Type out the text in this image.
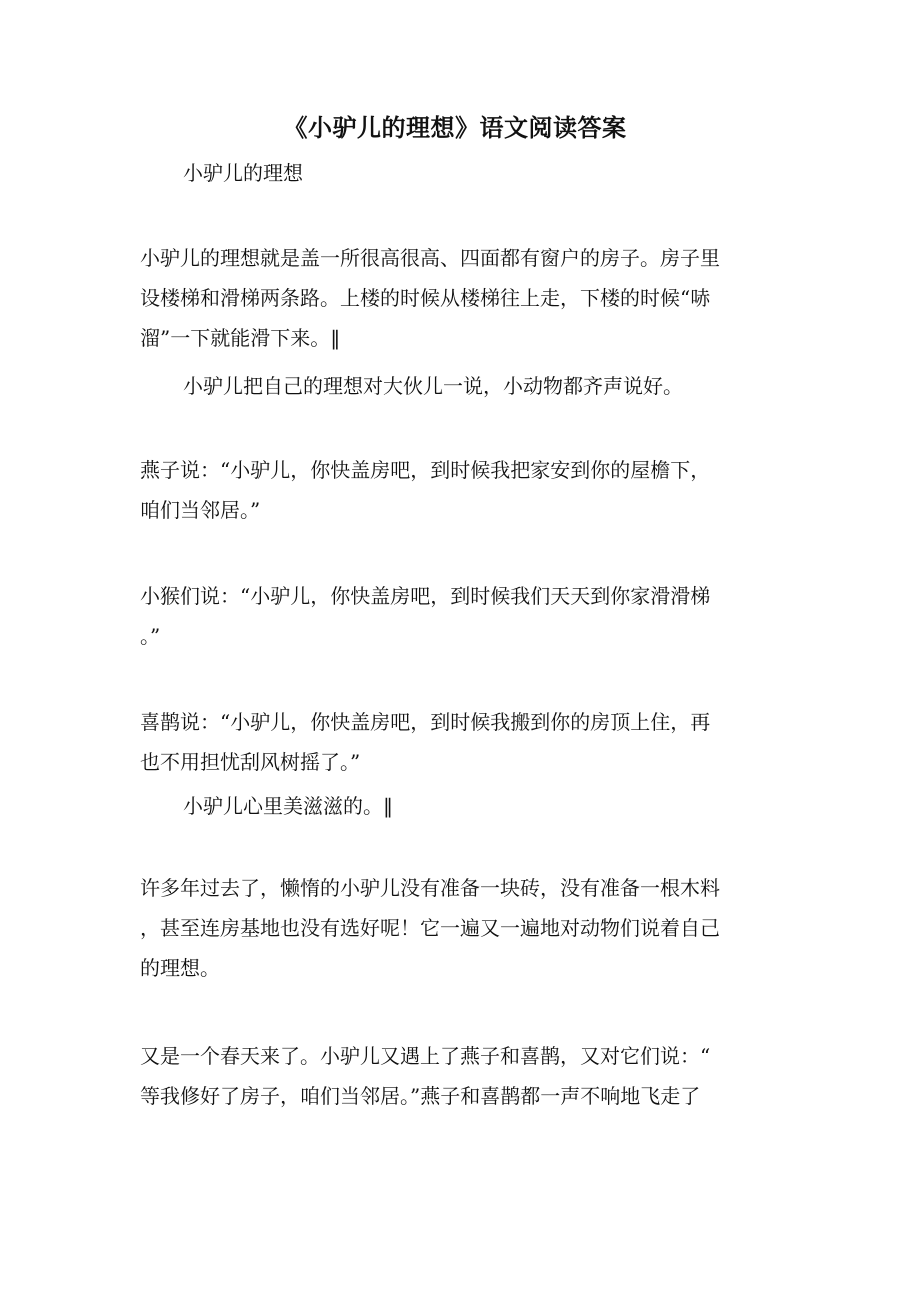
《小驴儿的理想》语文阅读答案
小驴儿的理想
小驴儿的理想就是盖一所很高很高、四面都有窗户的房子。房子里
设楼梯和滑梯两条路。上楼的时候从楼梯往上走，下楼的时候“哧
溜”一下就能滑下来。‖
小驴儿把自己的理想对大伙儿一说，小动物都齐声说好。
燕子说：“小驴儿，你快盖房吧，到时候我把家安到你的屋檐下，
咱们当邻居。”
小猴们说：“小驴儿，你快盖房吧，到时候我们天天到你家滑滑梯
。”
喜鹊说：“小驴儿，你快盖房吧，到时候我搬到你的房顶上住，再
也不用担忧刮风树摇了。”
小驴儿心里美滋滋的。‖
许多年过去了，懒惰的小驴儿没有准备一块砖，没有准备一根木料
，甚至连房基地也没有选好呢！它一遍又一遍地对动物们说着自己
的理想。
又是一个春天来了。小驴儿又遇上了燕子和喜鹊，又对它们说：“
等我修好了房子，咱们当邻居。”燕子和喜鹊都一声不响地飞走了
